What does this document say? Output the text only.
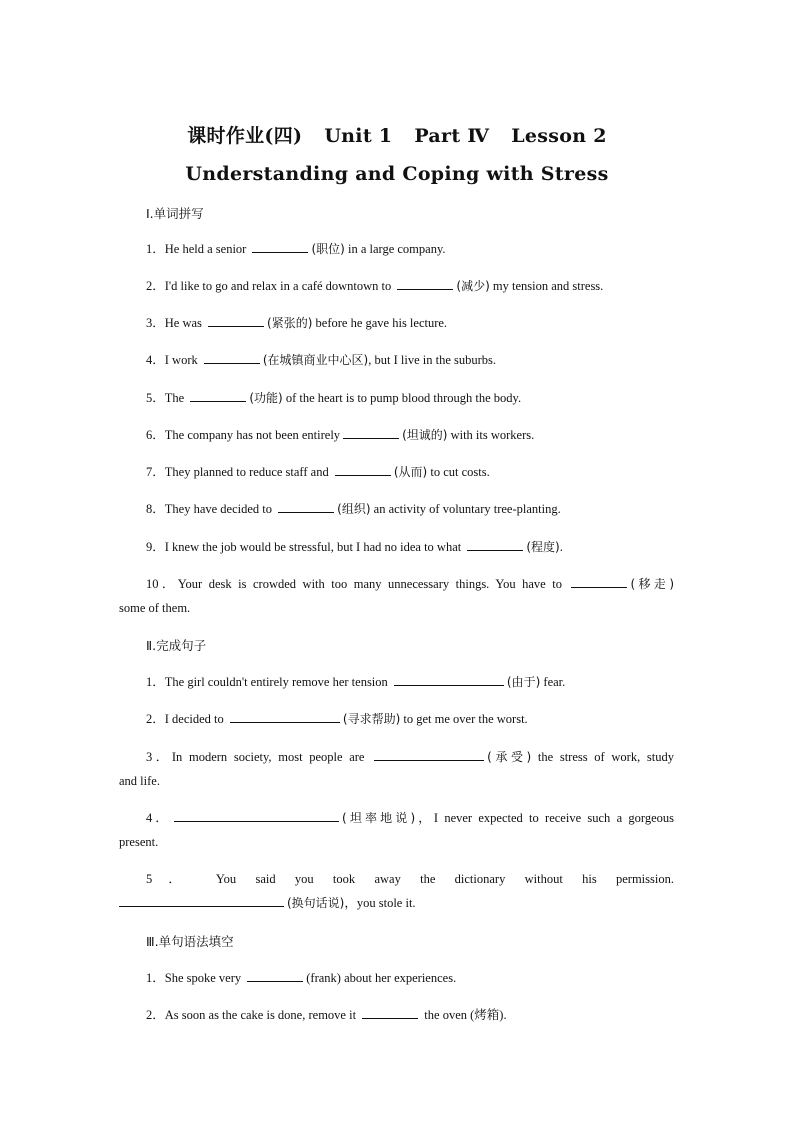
课时作业(四) Unit 1 Part Ⅳ Lesson 2
Understanding and Coping with Stress
Ⅰ.单词拼写
1．He held a senior	(职位) in a large company.
2．I'd like to go and relax in a café downtown to	(减少) my tension and stress.
3．He was	(紧张的) before he gave his lecture.
4．I work	(在城镇商业中心区), but I live in the suburbs.
5．The	(功能) of the heart is to pump blood through the body.
6．The company has not been entirely	(坦诚的) with its workers.
7．They planned to reduce staff and	(从而) to cut costs.
8．They have decided to	(组织) an activity of voluntary tree-planting.
9．I knew the job would be stressful, but I had no idea to what	(程度).
10．Your desk is crowded with too many unnecessary things. You have to	(移走)
some of them.
Ⅱ.完成句子
1．The girl couldn't entirely remove her tension	(由于) fear.
2．I decided to	(寻求帮助) to get me over the worst.
3．In modern society, most people are	(承受) the stress of work, study
and life.
4．	(坦率地说)，I never expected to receive such a gorgeous
present.
5． You said you took away the dictionary without his permission.
(换句话说)，you stole it.
Ⅲ.单句语法填空
1．She spoke very	(frank) about her experiences.
2．As soon as the cake is done, remove it	the oven (烤箱).
